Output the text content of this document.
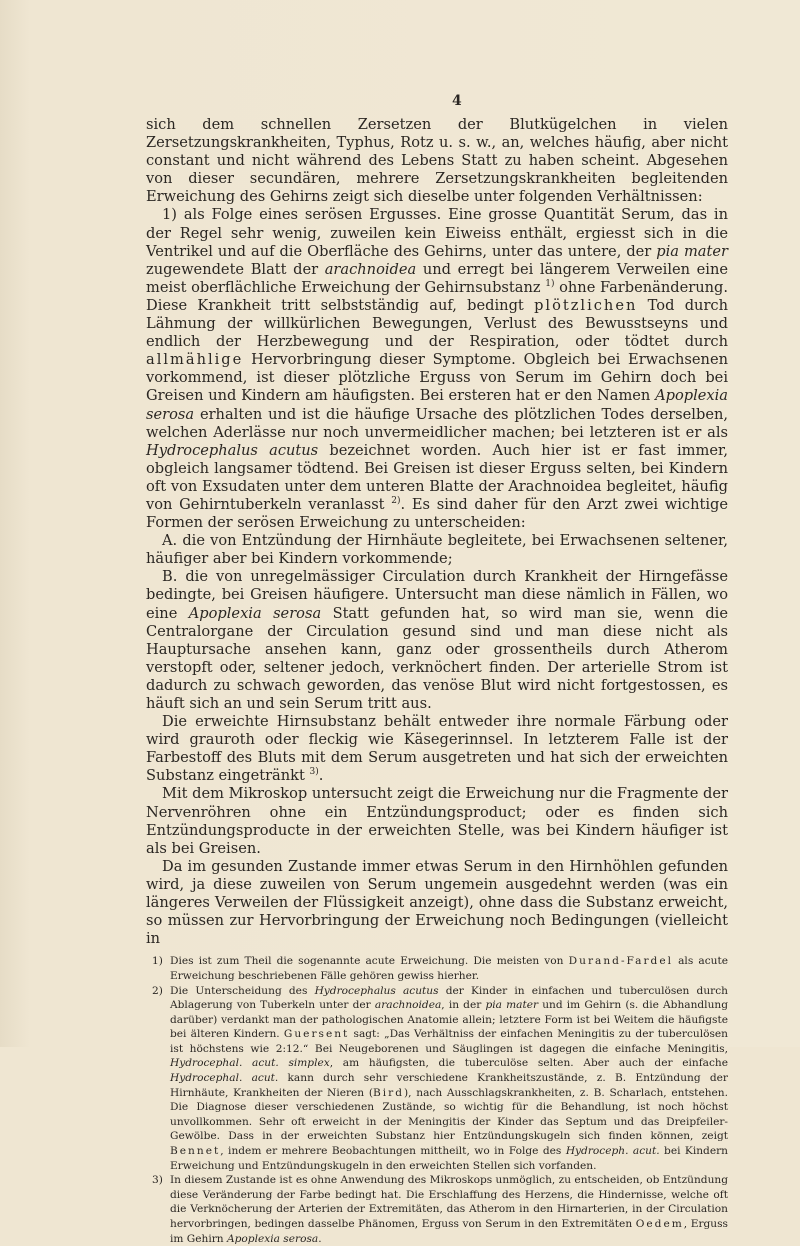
4

sich dem schnellen Zersetzen der Blutkügelchen in vielen Zersetzungskrankheiten, Typhus, Rotz u. s. w., an, welches häufig, aber nicht constant und nicht während des Lebens Statt zu haben scheint. Abgesehen von dieser secundären, mehrere Zersetzungskrankheiten begleitenden Erweichung des Gehirns zeigt sich dieselbe unter folgenden Verhältnissen:

1) als Folge eines serösen Ergusses. Eine grosse Quantität Serum, das in der Regel sehr wenig, zuweilen kein Eiweiss enthält, ergiesst sich in die Ventrikel und auf die Oberfläche des Gehirns, unter das untere, der pia mater zugewendete Blatt der arachnoidea und erregt bei längerem Verweilen eine meist oberflächliche Erweichung der Gehirnsubstanz $^{1)}$ ohne Farbenänderung. Diese Krankheit tritt selbstständig auf, bedingt plötzlichen Tod durch Lähmung der willkürlichen Bewegungen, Verlust des Bewusstseyns und endlich der Herzbewegung und der Respiration, oder tödtet durch allmählige Hervorbringung dieser Symptome. Obgleich bei Erwachsenen vorkommend, ist dieser plötzliche Erguss von Serum im Gehirn doch bei Greisen und Kindern am häufigsten. Bei ersteren hat er den Namen Apoplexia serosa erhalten und ist die häufige Ursache des plötzlichen Todes derselben, welchen Aderlässe nur noch unvermeidlicher machen; bei letzteren ist er als Hydrocephalus acutus bezeichnet worden. Auch hier ist er fast immer, obgleich langsamer tödtend. Bei Greisen ist dieser Erguss selten, bei Kindern oft von Exsudaten unter dem unteren Blatte der Arachnoidea begleitet, häufig von Gehirntuberkeln veranlasst $^{2)}$. Es sind daher für den Arzt zwei wichtige Formen der serösen Erweichung zu unterscheiden:

A. die von Entzündung der Hirnhäute begleitete, bei Erwachsenen seltener, häufiger aber bei Kindern vorkommende;

B. die von unregelmässiger Circulation durch Krankheit der Hirngefässe bedingte, bei Greisen häufigere. Untersucht man diese nämlich in Fällen, wo eine Apoplexia serosa Statt gefunden hat, so wird man sie, wenn die Centralorgane der Circulation gesund sind und man diese nicht als Hauptursache ansehen kann, ganz oder grossentheils durch Atherom verstopft oder, seltener jedoch, verknöchert finden. Der arterielle Strom ist dadurch zu schwach geworden, das venöse Blut wird nicht fortgestossen, es häuft sich an und sein Serum tritt aus.

Die erweichte Hirnsubstanz behält entweder ihre normale Färbung oder wird grauroth oder fleckig wie Käsegerinnsel. In letzterem Falle ist der Farbestoff des Bluts mit dem Serum ausgetreten und hat sich der erweichten Substanz eingetränkt $^{3)}$.

Mit dem Mikroskop untersucht zeigt die Erweichung nur die Fragmente der Nervenröhren ohne ein Entzündungsproduct; oder es finden sich Entzündungsproducte in der erweichten Stelle, was bei Kindern häufiger ist als bei Greisen.

Da im gesunden Zustande immer etwas Serum in den Hirnhöhlen gefunden wird, ja diese zuweilen von Serum ungemein ausgedehnt werden (was ein längeres Verweilen der Flüssigkeit anzeigt), ohne dass die Substanz erweicht, so müssen zur Hervorbringung der Erweichung noch Bedingungen (vielleicht in

1) Dies ist zum Theil die sogenannte acute Erweichung. Die meisten von Durand-Fardel als acute Erweichung beschriebenen Fälle gehören gewiss hierher.
2) Die Unterscheidung des Hydrocephalus acutus der Kinder in einfachen und tuberculösen durch Ablagerung von Tuberkeln unter der arachnoidea, in der pia mater und im Gehirn (s. die Abhandlung darüber) verdankt man der pathologischen Anatomie allein; letztere Form ist bei Weitem die häufigste bei älteren Kindern. Guersent sagt: „Das Verhältniss der einfachen Meningitis zu der tuberculösen ist höchstens wie 2:12.“ Bei Neugeborenen und Säuglingen ist dagegen die einfache Meningitis, Hydrocephal. acut. simplex, am häufigsten, die tuberculöse selten. Aber auch der einfache Hydrocephal. acut. kann durch sehr verschiedene Krankheitszustände, z. B. Entzündung der Hirnhäute, Krankheiten der Nieren (Bird), nach Ausschlagskrankheiten, z. B. Scharlach, entstehen. Die Diagnose dieser verschiedenen Zustände, so wichtig für die Behandlung, ist noch höchst unvollkommen. Sehr oft erweicht in der Meningitis der Kinder das Septum und das Dreipfeiler-Gewölbe. Dass in der erweichten Substanz hier Entzündungskugeln sich finden können, zeigt Bennet, indem er mehrere Beobachtungen mittheilt, wo in Folge des Hydroceph. acut. bei Kindern Erweichung und Entzündungskugeln in den erweichten Stellen sich vorfanden.
3) In diesem Zustande ist es ohne Anwendung des Mikroskops unmöglich, zu entscheiden, ob Entzündung diese Veränderung der Farbe bedingt hat. Die Erschlaffung des Herzens, die Hindernisse, welche oft die Verknöcherung der Arterien der Extremitäten, das Atherom in den Hirnarterien, in der Circulation hervorbringen, bedingen dasselbe Phänomen, Erguss von Serum in den Extremitäten Oedem, Erguss im Gehirn Apoplexia serosa.
